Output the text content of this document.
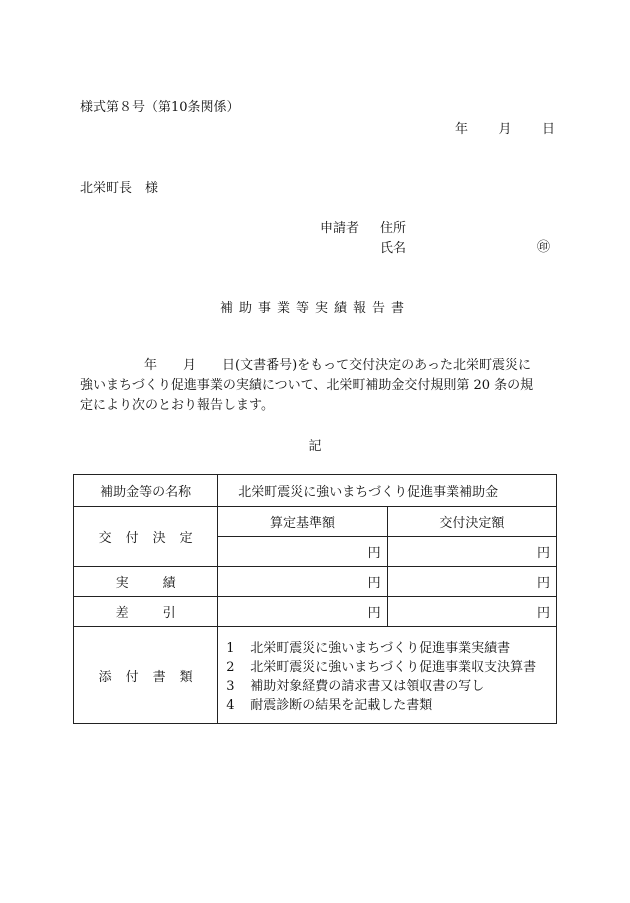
様式第８号（第10条関係）
年 月 日
北栄町長　様
申請者 住所
氏名	㊞
補助事業等実績報告書
年　　月　　日(文書番号)をもって交付決定のあった北栄町震災に
強いまちづくり促進事業の実績について、北栄町補助金交付規則第 20 条の規
定により次のとおり報告します。
記
補助金等の名称	北栄町震災に強いまちづくり促進事業補助金	
交付決定	算定基準額	交付決定額
	円	円
実績	円	円
差引	円	円
添付書類	1 北栄町震災に強いまちづくり促進事業実績書
2 北栄町震災に強いまちづくり促進事業収支決算書
3 補助対象経費の請求書又は領収書の写し
4 耐震診断の結果を記載した書類	
